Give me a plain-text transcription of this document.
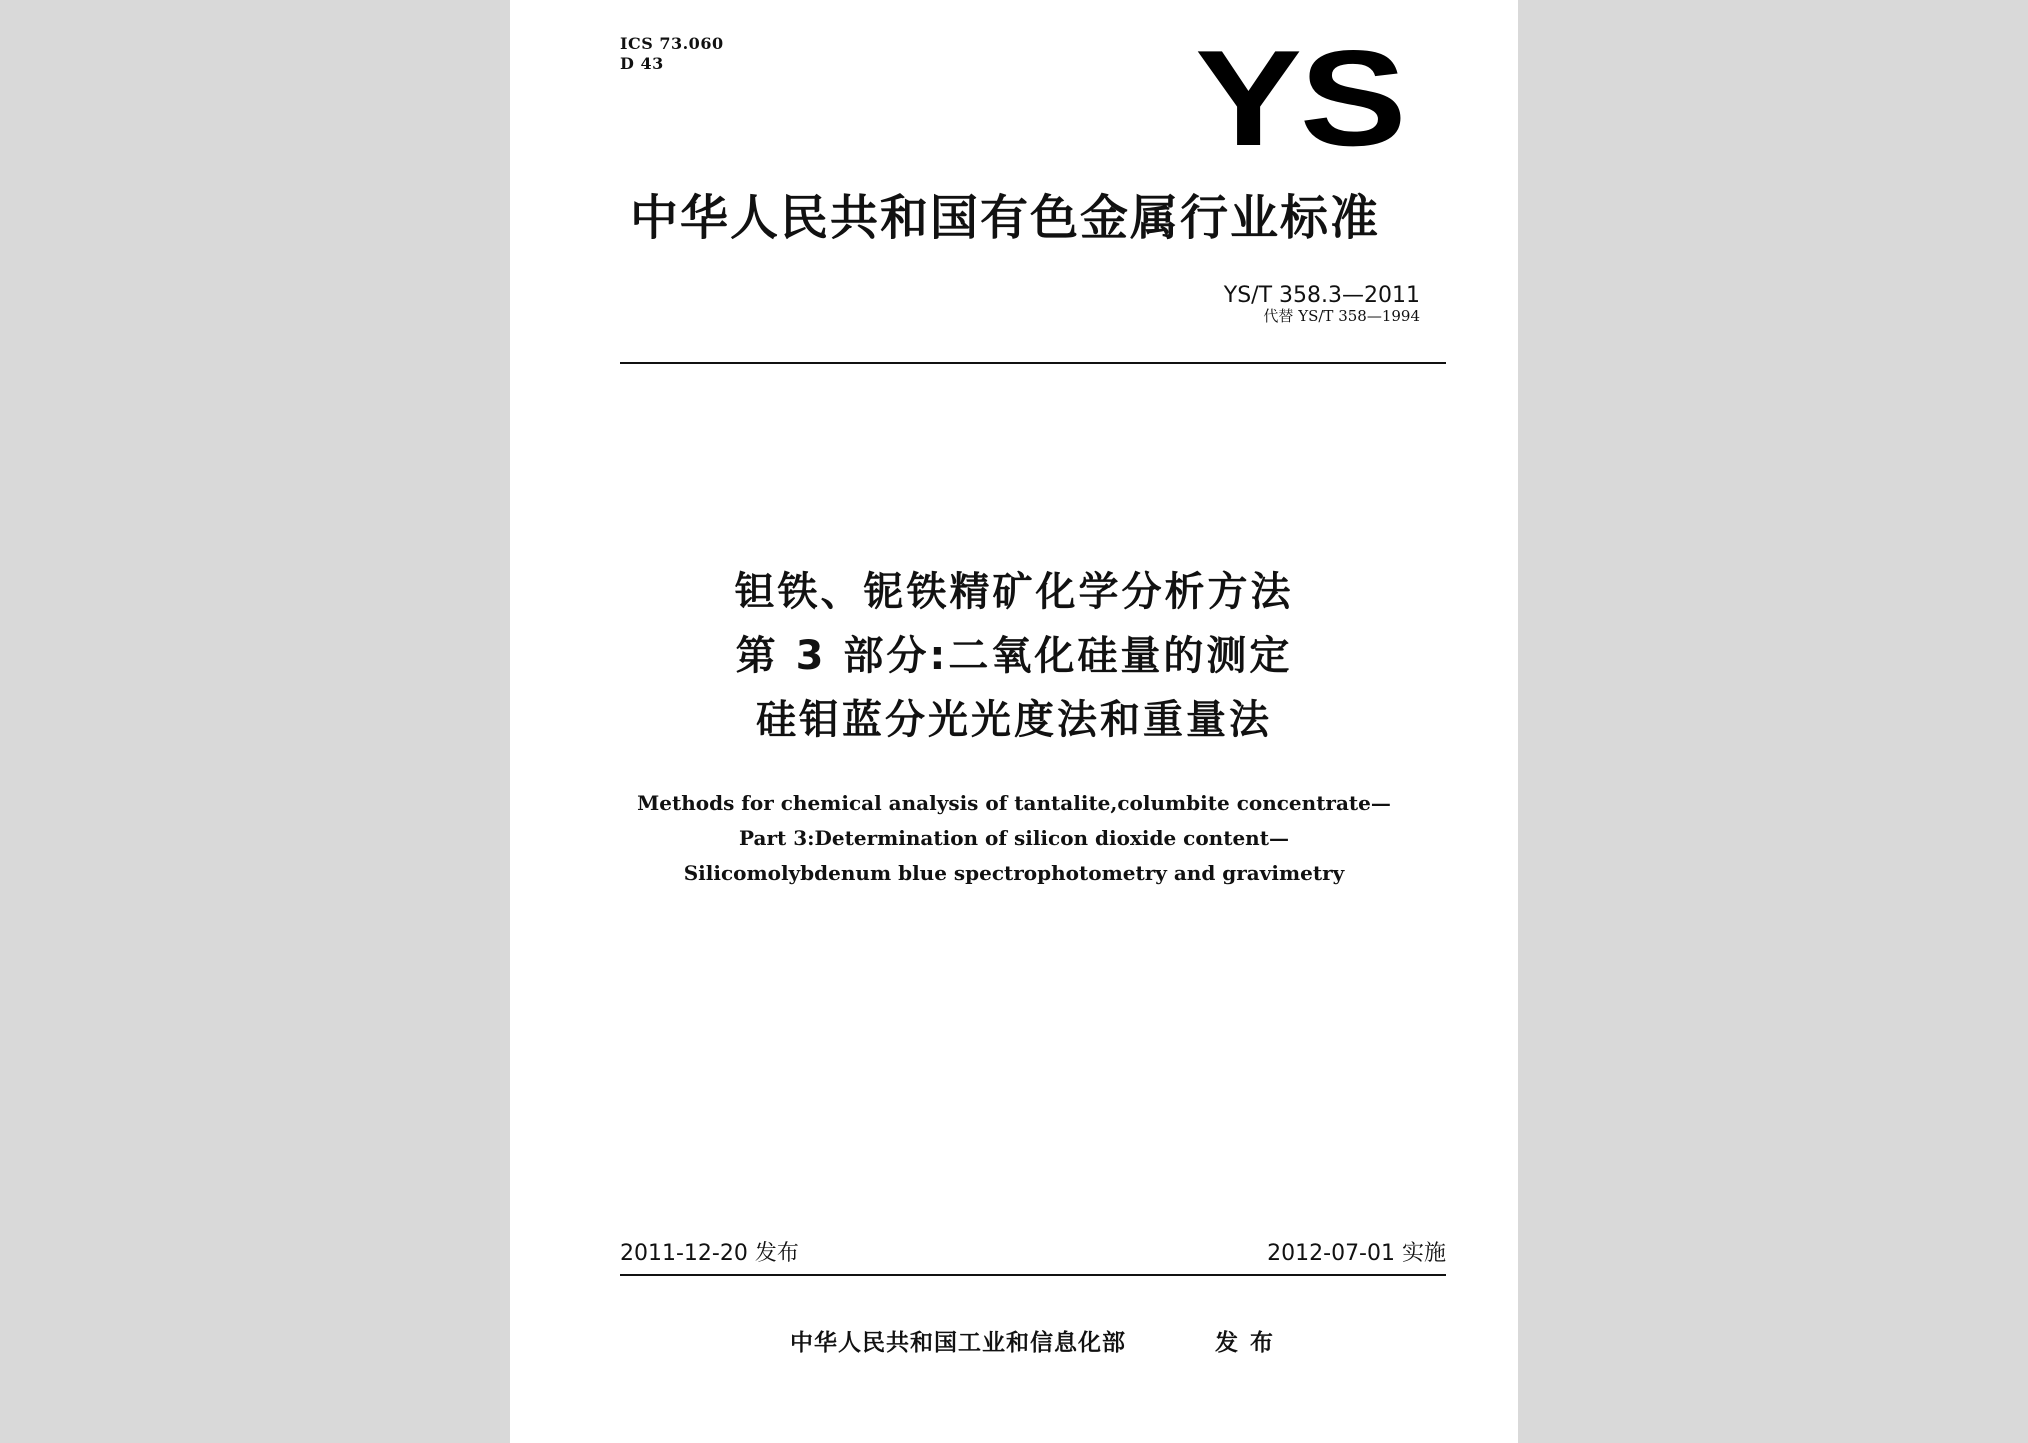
ICS 73.060
D 43	YS
中华人民共和国有色金属行业标准
YS/T 358.3—2011
代替 YS/T 358—1994
钽铁、铌铁精矿化学分析方法
第 3 部分:二氧化硅量的测定
硅钼蓝分光光度法和重量法
Methods for chemical analysis of tantalite,columbite concentrate—
Part 3:Determination of silicon dioxide content—
Silicomolybdenum blue spectrophotometry and gravimetry
2011-12-20 发布	2012-07-01 实施
中华人民共和国工业和信息化部	发布
